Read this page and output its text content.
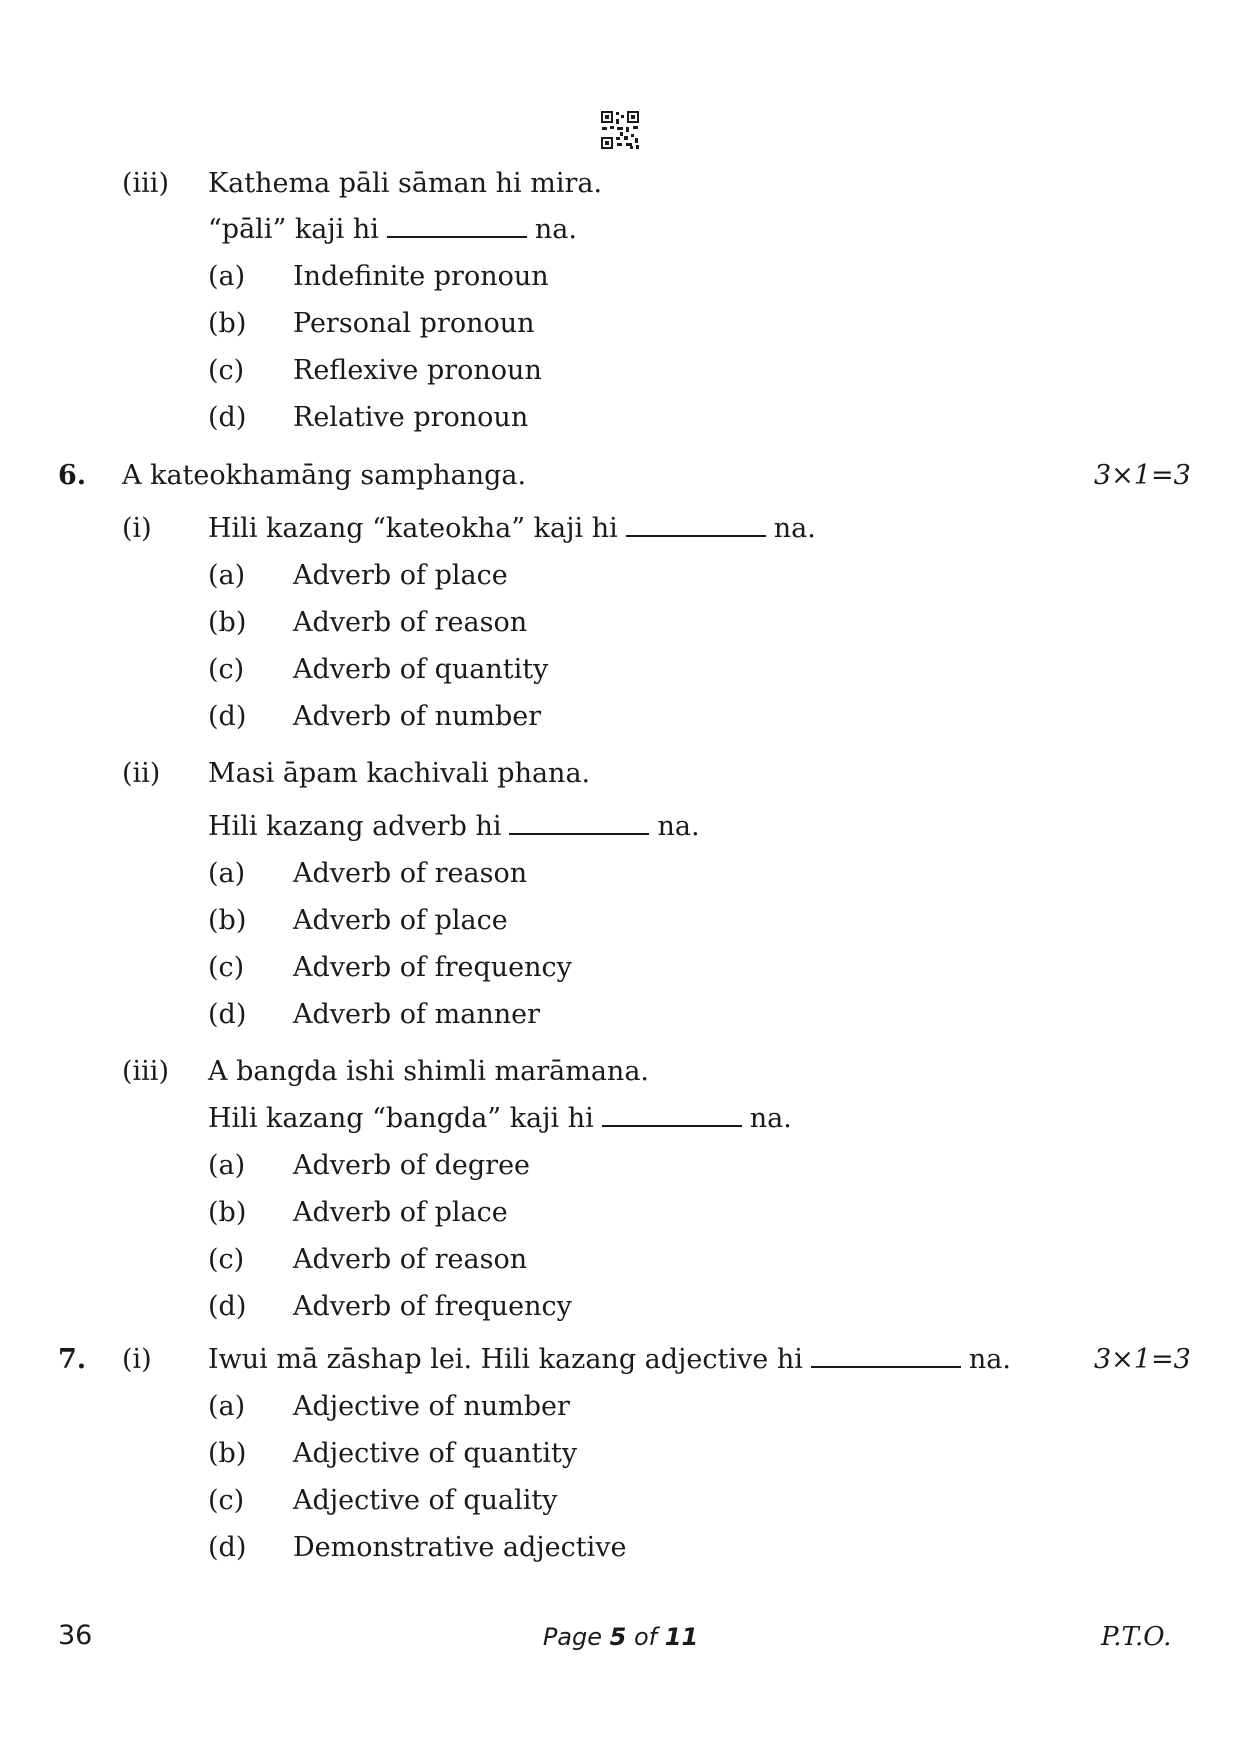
(iii) Kathema pāli sāman hi mira.
“pāli” kaji hi	na.
(a) Indefinite pronoun
(b) Personal pronoun
(c) Reflexive pronoun
(d) Relative pronoun
6. A kateokhamāng samphanga.	3×1=3
(i) Hili kazang “kateokha” kaji hi	na.
(a) Adverb of place
(b) Adverb of reason
(c) Adverb of quantity
(d) Adverb of number
(ii) Masi āpam kachivali phana.
Hili kazang adverb hi	na.
(a) Adverb of reason
(b) Adverb of place
(c) Adverb of frequency
(d) Adverb of manner
(iii) A bangda ishi shimli marāmana.
Hili kazang “bangda” kaji hi	na.
(a) Adverb of degree
(b) Adverb of place
(c) Adverb of reason
(d) Adverb of frequency
7. (i) Iwui mā zāshap lei. Hili kazang adjective hi	na.	3×1=3
(a) Adjective of number
(b) Adjective of quantity
(c) Adjective of quality
(d) Demonstrative adjective
36	Page 5 of 11	P.T.O.
